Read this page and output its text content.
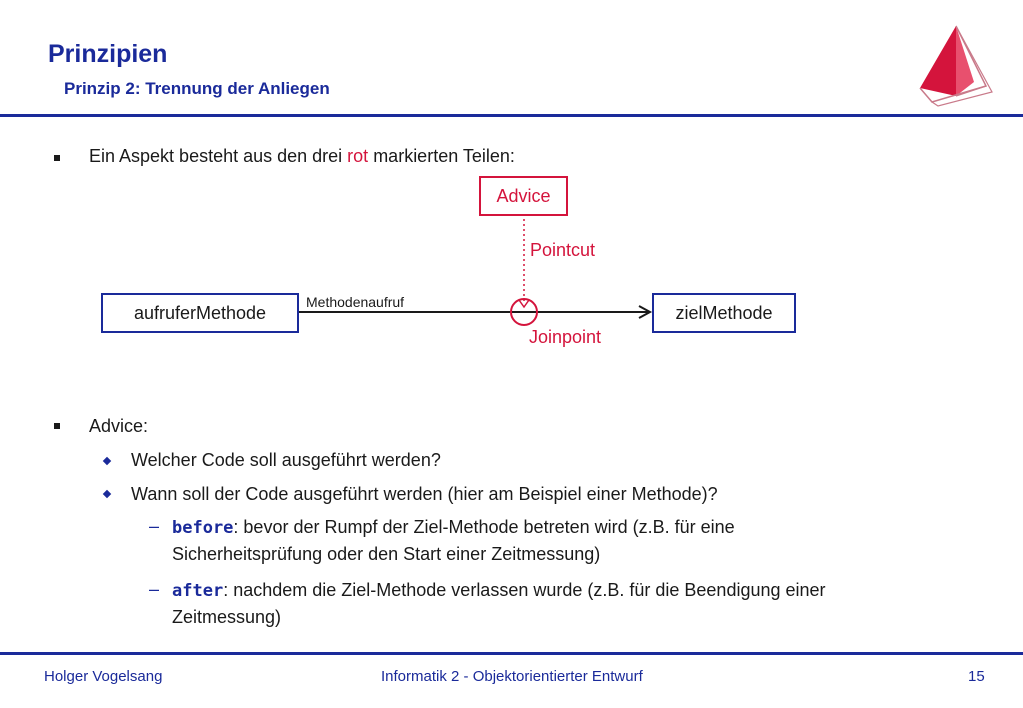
Prinzipien
Prinzip 2: Trennung der Anliegen
Ein Aspekt besteht aus den drei rot markierten Teilen:
Advice
Pointcut
aufruferMethode
Methodenaufruf
zielMethode
Joinpoint
Advice:
Welcher Code soll ausgeführt werden?
Wann soll der Code ausgeführt werden (hier am Beispiel einer Methode)?
– before: bevor der Rumpf der Ziel-Methode betreten wird (z.B. für eine
Sicherheitsprüfung oder den Start einer Zeitmessung)
– after: nachdem die Ziel-Methode verlassen wurde (z.B. für die Beendigung einer
Zeitmessung)
Holger Vogelsang	Informatik 2 - Objektorientierter Entwurf	15
